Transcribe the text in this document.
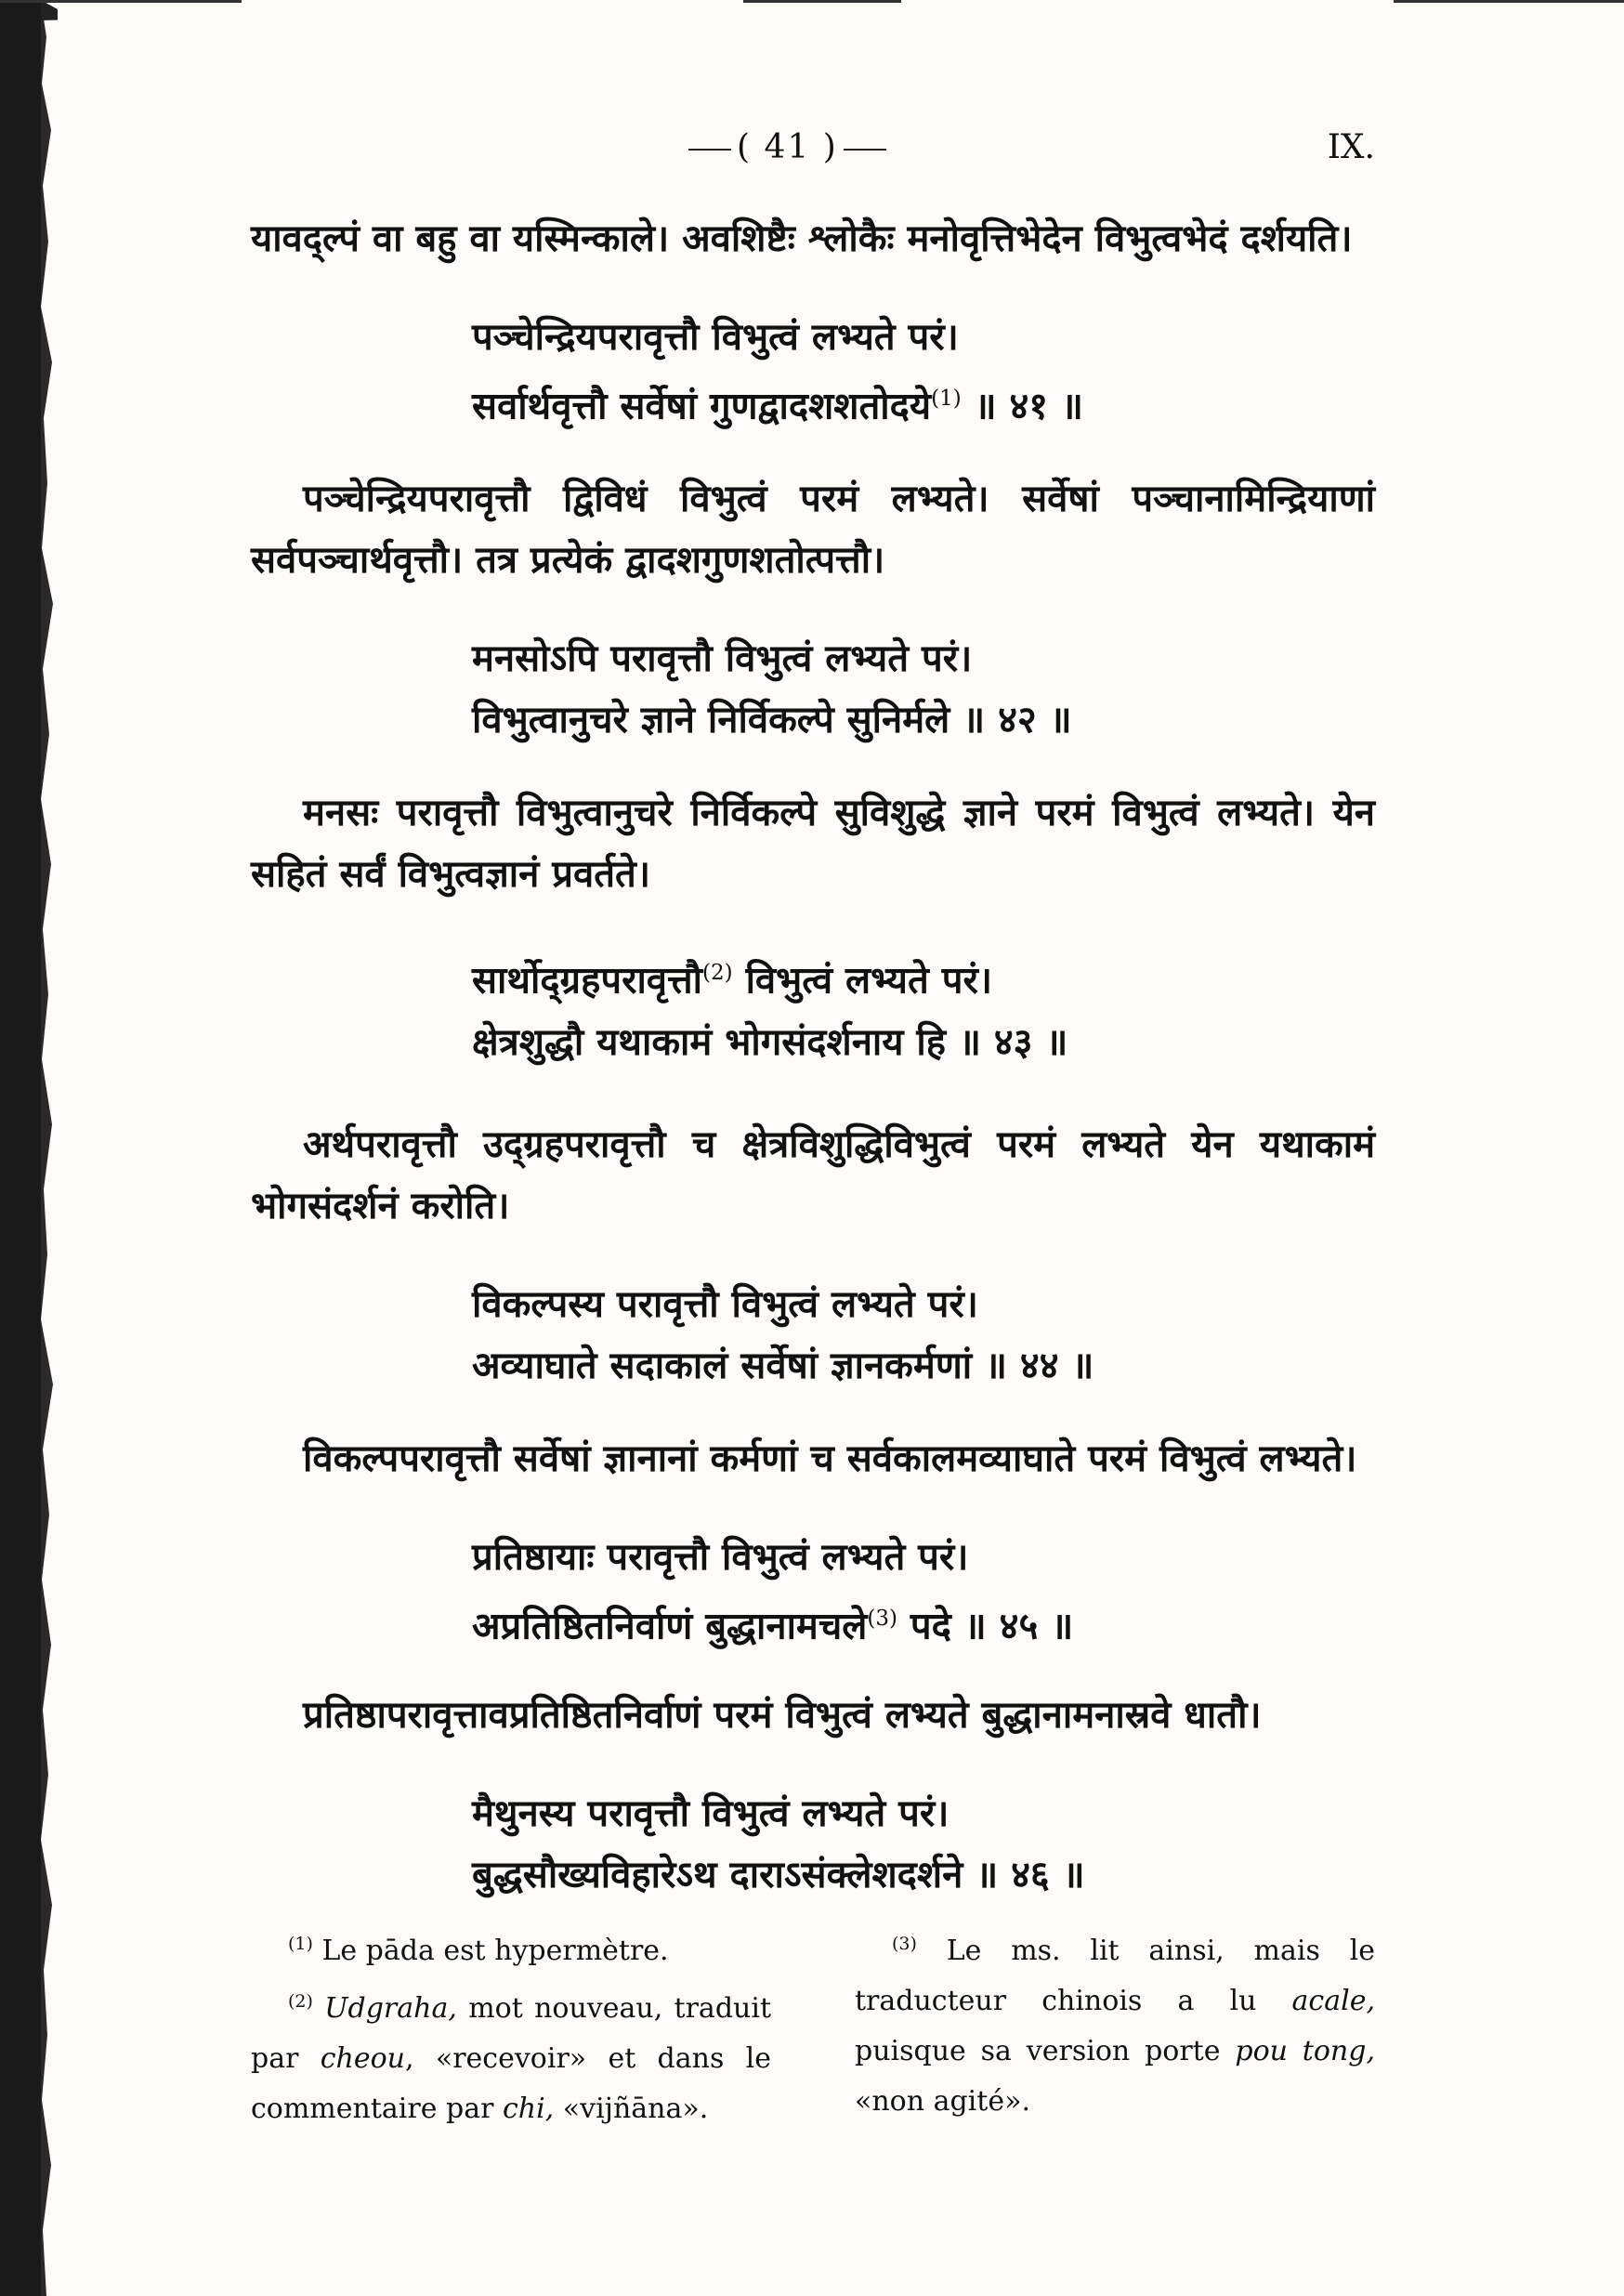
( 41 )	IX.

यावद्‌ल्पं वा बहु वा यस्मिन्काले। अवशिष्टैः श्लोकैः मनोवृत्तिभेदेन विभुत्वभेदं दर्शयति।

पञ्चेन्द्रियपरावृत्तौ विभुत्वं लभ्यते परं।
सर्वार्थवृत्तौ सर्वेषां गुणद्वादशशतोदये$^{(1)}$ ॥ ४१ ॥

पञ्चेन्द्रियपरावृत्तौ द्विविधं विभुत्वं परमं लभ्यते। सर्वेषां पञ्चानामिन्द्रियाणां सर्वपञ्चार्थवृत्तौ। तत्र प्रत्येकं द्वादशगुणशतोत्पत्तौ।

मनसोऽपि परावृत्तौ विभुत्वं लभ्यते परं।
विभुत्वानुचरे ज्ञाने निर्विकल्पे सुनिर्मले ॥ ४२ ॥

मनसः परावृत्तौ विभुत्वानुचरे निर्विकल्पे सुविशुद्धे ज्ञाने परमं विभुत्वं लभ्यते। येन सहितं सर्वं विभुत्वज्ञानं प्रवर्तते।

सार्थोद्ग्रहपरावृत्तौ$^{(2)}$ विभुत्वं लभ्यते परं।
क्षेत्रशुद्धौ यथाकामं भोगसंदर्शनाय हि ॥ ४३ ॥

अर्थपरावृत्तौ उद्ग्रहपरावृत्तौ च क्षेत्रविशुद्धिविभुत्वं परमं लभ्यते येन यथाकामं भोगसंदर्शनं करोति।

विकल्पस्य परावृत्तौ विभुत्वं लभ्यते परं।
अव्याघाते सदाकालं सर्वेषां ज्ञानकर्मणां ॥ ४४ ॥

विकल्पपरावृत्तौ सर्वेषां ज्ञानानां कर्मणां च सर्वकालमव्याघाते परमं विभुत्वं लभ्यते।

प्रतिष्ठायाः परावृत्तौ विभुत्वं लभ्यते परं।
अप्रतिष्ठितनिर्वाणं बुद्धानामचले$^{(3)}$ पदे ॥ ४५ ॥

प्रतिष्ठापरावृत्तावप्रतिष्ठितनिर्वाणं परमं विभुत्वं लभ्यते बुद्धानामनास्रवे धातौ।

मैथुनस्य परावृत्तौ विभुत्वं लभ्यते परं।
बुद्धसौख्यविहारेऽथ दाराऽसंक्लेशदर्शने ॥ ४६ ॥
$^{(1)}$ Le pāda est hypermètre.
$^{(2)}$ Udgraha, mot nouveau, traduit par cheou, «recevoir» et dans le commentaire par chi, «vijñāna».
$^{(3)}$ Le ms. lit ainsi, mais le traducteur chinois a lu acale, puisque sa version porte pou tong, «non agité».
